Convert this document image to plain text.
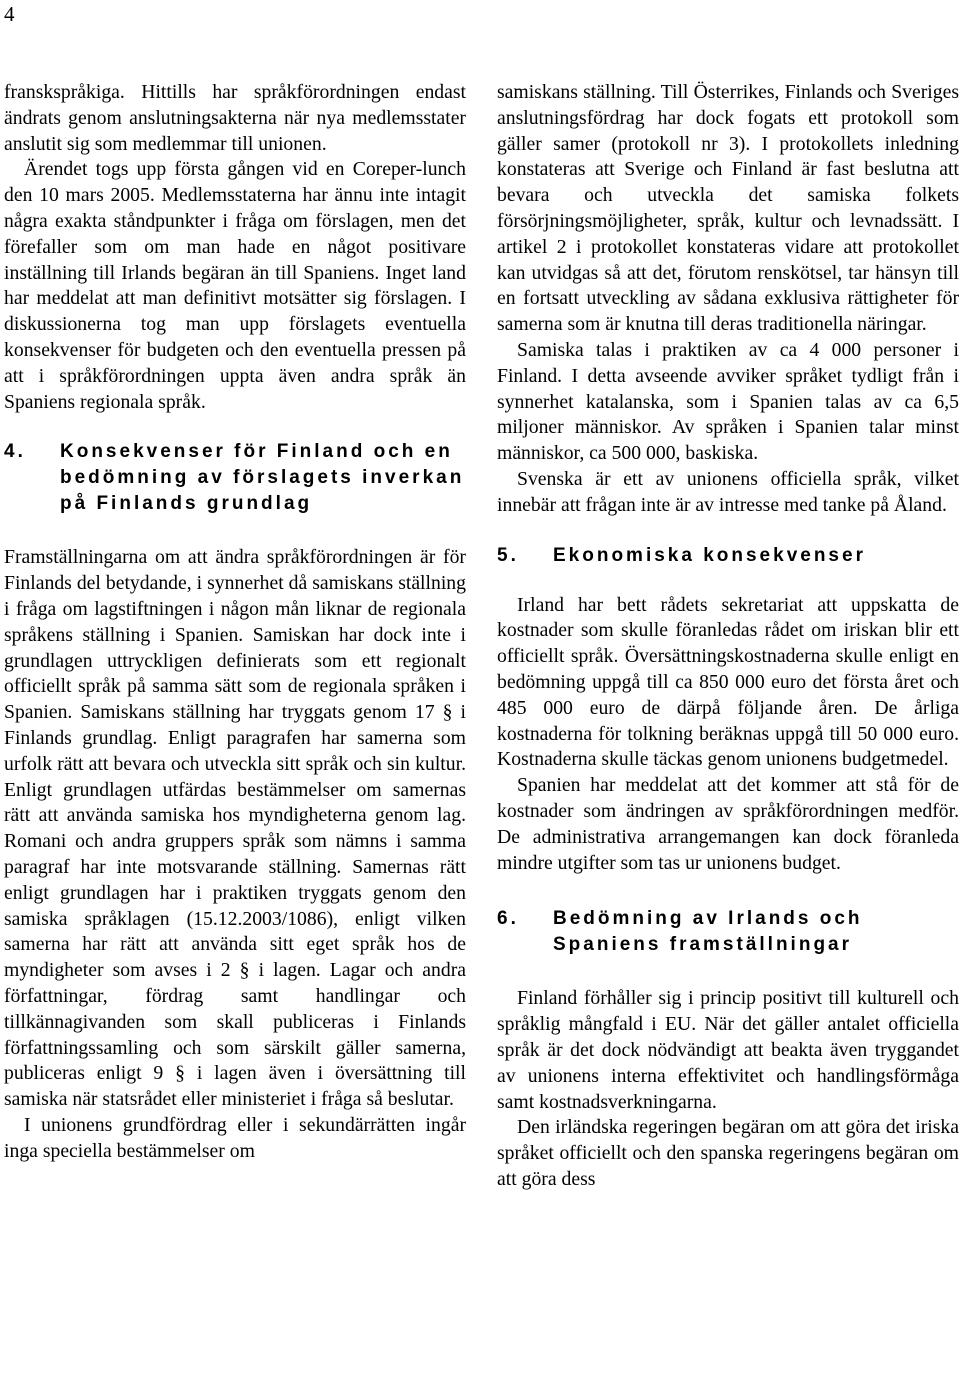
4

franskspråkiga. Hittills har språkförordningen endast ändrats genom anslutningsakterna när nya medlemsstater anslutit sig som medlemmar till unionen.

Ärendet togs upp första gången vid en Coreper-lunch den 10 mars 2005. Medlemsstaterna har ännu inte intagit några exakta ståndpunkter i fråga om förslagen, men det förefaller som om man hade en något positivare inställning till Irlands begäran än till Spaniens. Inget land har meddelat att man definitivt motsätter sig förslagen. I diskussionerna tog man upp förslagets eventuella konsekvenser för budgeten och den eventuella pressen på att i språkförordningen uppta även andra språk än Spaniens regionala språk.

4.	Konsekvenser för Finland och en bedömning av förslagets inverkan på Finlands grundlag

Framställningarna om att ändra språkförordningen är för Finlands del betydande, i synnerhet då samiskans ställning i fråga om lagstiftningen i någon mån liknar de regionala språkens ställning i Spanien. Samiskan har dock inte i grundlagen uttryckligen definierats som ett regionalt officiellt språk på samma sätt som de regionala språken i Spanien. Samiskans ställning har tryggats genom 17 § i Finlands grundlag. Enligt paragrafen har samerna som urfolk rätt att bevara och utveckla sitt språk och sin kultur. Enligt grundlagen utfärdas bestämmelser om samernas rätt att använda samiska hos myndigheterna genom lag. Romani och andra gruppers språk som nämns i samma paragraf har inte motsvarande ställning. Samernas rätt enligt grundlagen har i praktiken tryggats genom den samiska språklagen (15.12.2003/1086), enligt vilken samerna har rätt att använda sitt eget språk hos de myndigheter som avses i 2 § i lagen. Lagar och andra författningar, fördrag samt handlingar och tillkännagivanden som skall publiceras i Finlands författningssamling och som särskilt gäller samerna, publiceras enligt 9 § i lagen även i översättning till samiska när statsrådet eller ministeriet i fråga så beslutar.

I unionens grundfördrag eller i sekundärrätten ingår inga speciella bestämmelser om

samiskans ställning. Till Österrikes, Finlands och Sveriges anslutningsfördrag har dock fogats ett protokoll som gäller samer (protokoll nr 3). I protokollets inledning konstateras att Sverige och Finland är fast beslutna att bevara och utveckla det samiska folkets försörjningsmöjligheter, språk, kultur och levnadssätt. I artikel 2 i protokollet konstateras vidare att protokollet kan utvidgas så att det, förutom renskötsel, tar hänsyn till en fortsatt utveckling av sådana exklusiva rättigheter för samerna som är knutna till deras traditionella näringar.

Samiska talas i praktiken av ca 4 000 personer i Finland. I detta avseende avviker språket tydligt från i synnerhet katalanska, som i Spanien talas av ca 6,5 miljoner människor. Av språken i Spanien talar minst människor, ca 500 000, baskiska.

Svenska är ett av unionens officiella språk, vilket innebär att frågan inte är av intresse med tanke på Åland.

5.	Ekonomiska konsekvenser

Irland har bett rådets sekretariat att uppskatta de kostnader som skulle föranledas rådet om iriskan blir ett officiellt språk. Översättningskostnaderna skulle enligt en bedömning uppgå till ca 850 000 euro det första året och 485 000 euro de därpå följande åren. De årliga kostnaderna för tolkning beräknas uppgå till 50 000 euro. Kostnaderna skulle täckas genom unionens budgetmedel.

Spanien har meddelat att det kommer att stå för de kostnader som ändringen av språkförordningen medför. De administrativa arrangemangen kan dock föranleda mindre utgifter som tas ur unionens budget.

6.	Bedömning av Irlands och Spaniens framställningar

Finland förhåller sig i princip positivt till kulturell och språklig mångfald i EU. När det gäller antalet officiella språk är det dock nödvändigt att beakta även tryggandet av unionens interna effektivitet och handlingsförmåga samt kostnadsverkningarna.

Den irländska regeringen begäran om att göra det iriska språket officiellt och den spanska regeringens begäran om att göra dess
